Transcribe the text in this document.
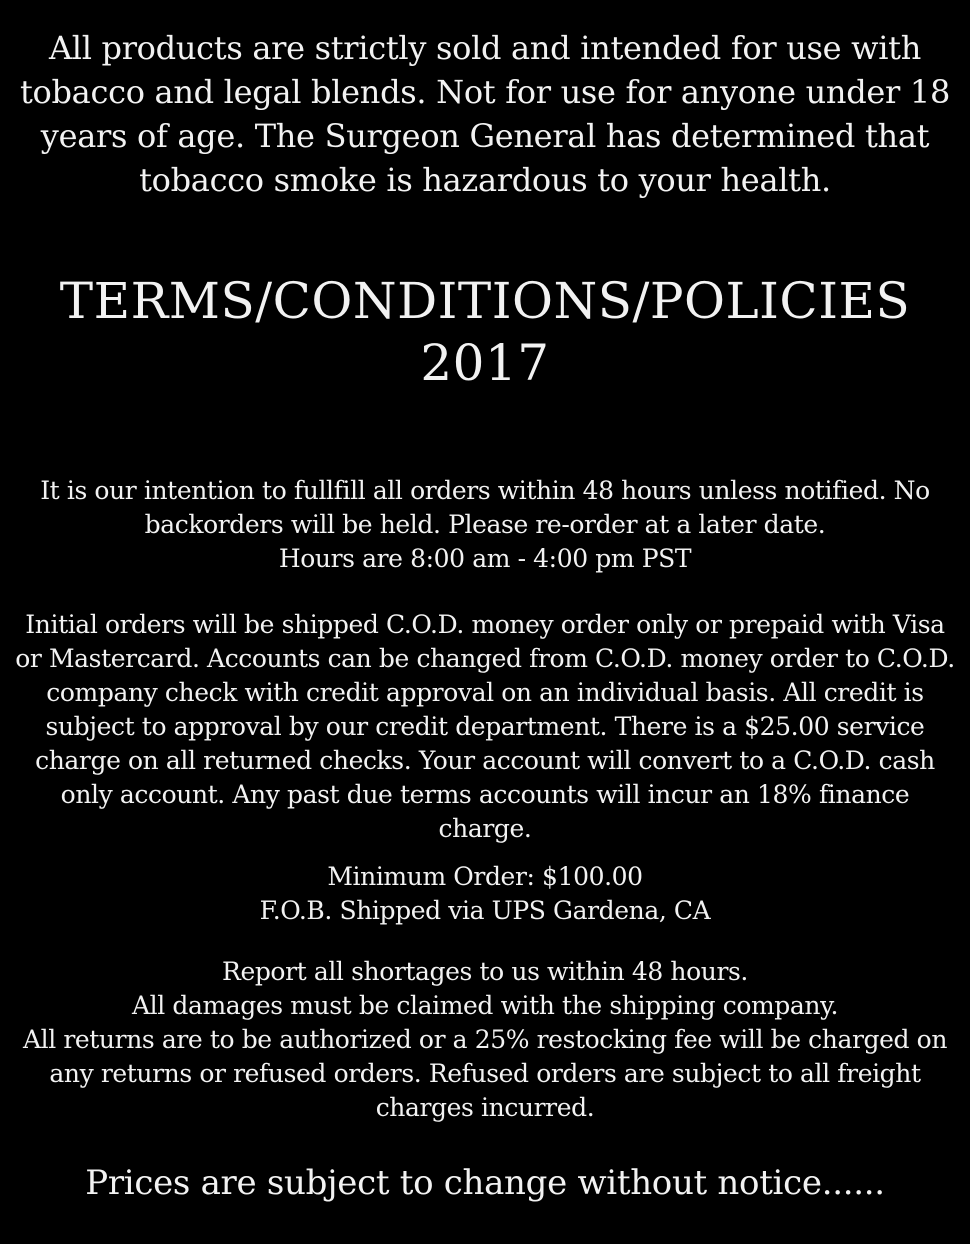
All products are strictly sold and intended for use with tobacco and legal blends. Not for use for anyone under 18 years of age. The Surgeon General has determined that tobacco smoke is hazardous to your health.
TERMS/CONDITIONS/POLICIES
2017
It is our intention to fullfill all orders within 48 hours unless notified. No backorders will be held. Please re-order at a later date.
Hours are 8:00 am - 4:00 pm PST
Initial orders will be shipped C.O.D. money order only or prepaid with Visa or Mastercard. Accounts can be changed from C.O.D. money order to C.O.D. company check with credit approval on an individual basis. All credit is subject to approval by our credit department. There is a $25.00 service charge on all returned checks. Your account will convert to a C.O.D. cash only account. Any past due terms accounts will incur an 18% finance charge.
Minimum Order: $100.00
F.O.B. Shipped via UPS Gardena, CA
Report all shortages to us within 48 hours.
All damages must be claimed with the shipping company.
All returns are to be authorized or a 25% restocking fee will be charged on any returns or refused orders. Refused orders are subject to all freight charges incurred.
Prices are subject to change without notice......
